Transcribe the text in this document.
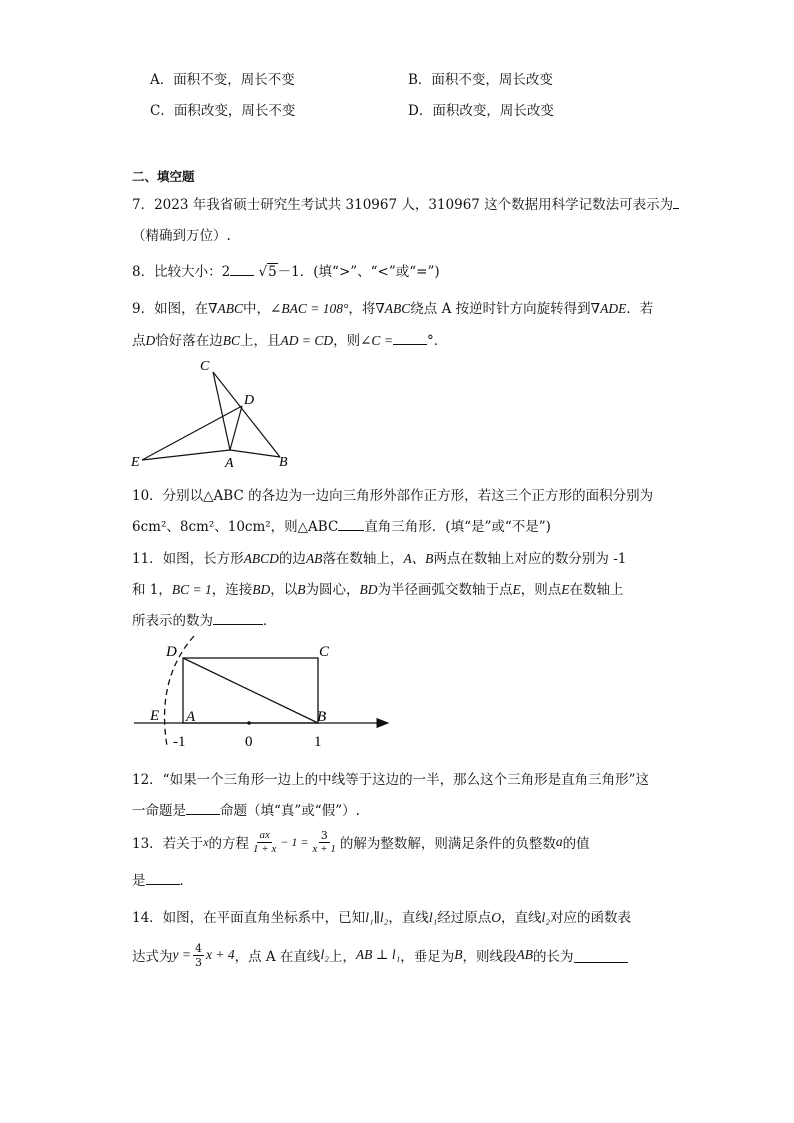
A．面积不变，周长不变	B．面积不变，周长改变
C．面积改变，周长不变	D．面积改变，周长改变
二、填空题
7．2023 年我省硕士研究生考试共 310967 人，310967 这个数据用科学记数法可表示为
（精确到万位）.
8．比较大小：2 √5－1．(填“>”、“<”或“=”)
9．如图，在∇ABC中，∠BAC = 108°，将∇ABC绕点 A 按逆时针方向旋转得到∇ADE．若
点D恰好落在边BC上，且AD = CD，则∠C =	°．
C
D
E	A	B
10．分别以△ABC 的各边为一边向三角形外部作正方形，若这三个正方形的面积分别为
6cm²、8cm²、10cm²，则△ABC 直角三角形．(填“是”或“不是”)
11．如图，长方形ABCD的边AB落在数轴上，A、B两点在数轴上对应的数分别为 -1
和 1，BC = 1，连接BD，以B为圆心，BD为半径画弧交数轴于点E，则点E在数轴上
所表示的数为	．
D	C
E A	B
-1	0	1
12．“如果一个三角形一边上的中线等于这边的一半，那么这个三角形是直角三角形”这
一命题是	命题（填“真”或“假”）.
13．若关于 x 的方程 $\frac{ax}{1 + x} - 1 = \frac{3}{x + 1}$ 的解为整数解，则满足条件的负整数 a 的值
是	．
14．如图，在平面直角坐标系中，已知l₁∥l₂，直线l₁经过原点O，直线l₂对应的函数表
达式为 $y = \frac{4}{3}$ x + 4 ，点 A 在直线 l₂ 上， AB ⊥ l₁ ，垂足为 B ，则线段 AB 的长为
